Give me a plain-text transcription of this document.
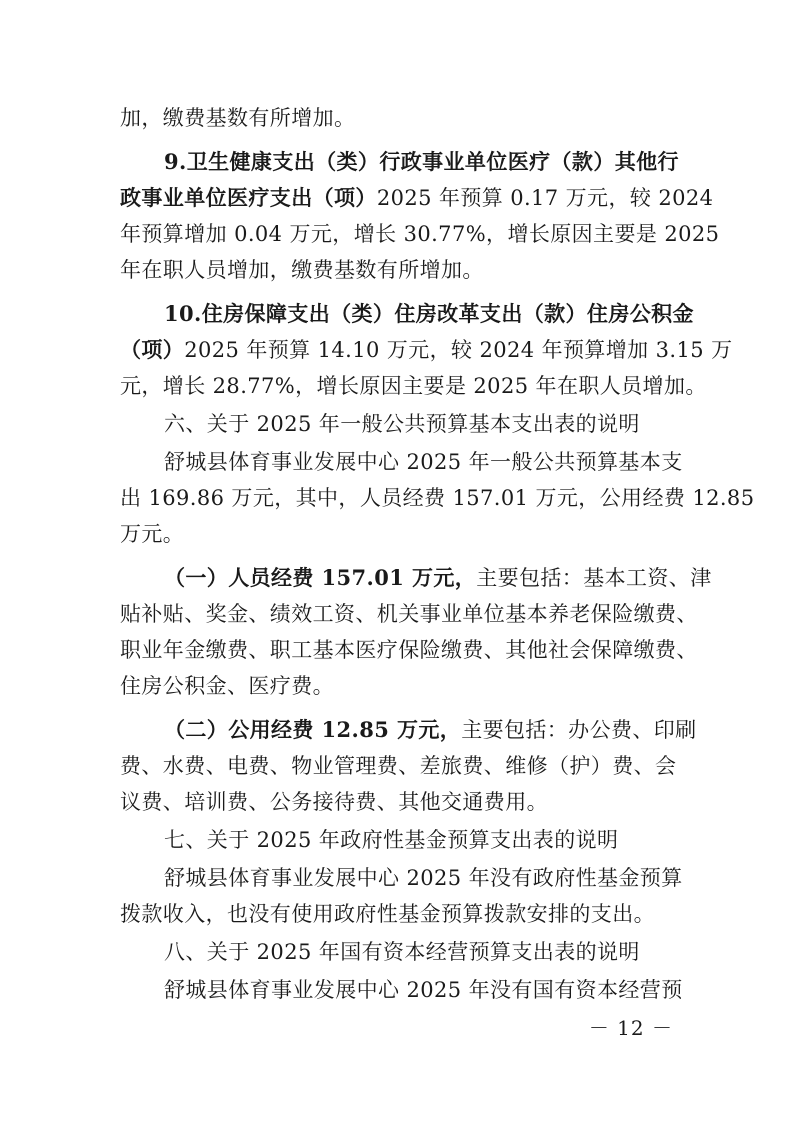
加，缴费基数有所增加。
9.卫生健康支出（类）行政事业单位医疗（款）其他行
政事业单位医疗支出（项）2025 年预算 0.17 万元，较 2024
年预算增加 0.04 万元，增长 30.77%，增长原因主要是 2025
年在职人员增加，缴费基数有所增加。
10.住房保障支出（类）住房改革支出（款）住房公积金
（项）2025 年预算 14.10 万元，较 2024 年预算增加 3.15 万
元，增长 28.77%，增长原因主要是 2025 年在职人员增加。
六、关于 2025 年一般公共预算基本支出表的说明
舒城县体育事业发展中心 2025 年一般公共预算基本支
出 169.86 万元，其中，人员经费 157.01 万元，公用经费 12.85
万元。
（一）人员经费 157.01 万元，主要包括：基本工资、津
贴补贴、奖金、绩效工资、机关事业单位基本养老保险缴费、
职业年金缴费、职工基本医疗保险缴费、其他社会保障缴费、
住房公积金、医疗费。
（二）公用经费 12.85 万元，主要包括：办公费、印刷
费、水费、电费、物业管理费、差旅费、维修（护）费、会
议费、培训费、公务接待费、其他交通费用。
七、关于 2025 年政府性基金预算支出表的说明
舒城县体育事业发展中心 2025 年没有政府性基金预算
拨款收入，也没有使用政府性基金预算拨款安排的支出。
八、关于 2025 年国有资本经营预算支出表的说明
舒城县体育事业发展中心 2025 年没有国有资本经营预
－ 12 －
